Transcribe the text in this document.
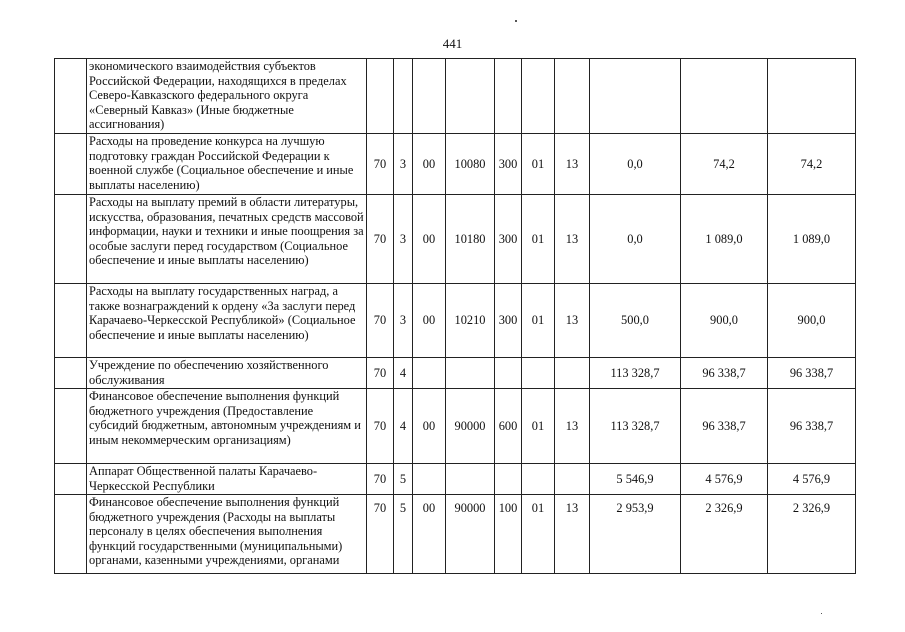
441
	экономического взаимодействия субъектов Российской Федерации, находящихся в пределах Северо-Кавказского федерального округа «Северный Кавказ» (Иные бюджетные ассигнования)										
	Расходы на проведение конкурса на лучшую подготовку граждан Российской Федерации к военной службе (Социальное обеспечение и иные выплаты населению)	70	3	00	10080	300	01	13	0,0	74,2	74,2
	Расходы на выплату премий в области литературы, искусства, образования, печатных средств массовой информации, науки и техники и иные поощрения за особые заслуги перед государством (Социальное обеспечение и иные выплаты населению)	70	3	00	10180	300	01	13	0,0	1 089,0	1 089,0
	Расходы на выплату государственных наград, а также вознаграждений к ордену «За заслуги перед Карачаево-Черкесской Республикой» (Социальное обеспечение и иные выплаты населению)	70	3	00	10210	300	01	13	500,0	900,0	900,0
	Учреждение по обеспечению хозяйственного обслуживания	70	4						113 328,7	96 338,7	96 338,7
	Финансовое обеспечение выполнения функций бюджетного учреждения (Предоставление субсидий бюджетным, автономным учреждениям и иным некоммерческим организациям)	70	4	00	90000	600	01	13	113 328,7	96 338,7	96 338,7
	Аппарат Общественной палаты Карачаево-Черкесской Республики	70	5						5 546,9	4 576,9	4 576,9
	Финансовое обеспечение выполнения функций бюджетного учреждения (Расходы на выплаты персоналу в целях обеспечения выполнения функций государственными (муниципальными) органами, казенными учреждениями, органами	70	5	00	90000	100	01	13	2 953,9	2 326,9	2 326,9
